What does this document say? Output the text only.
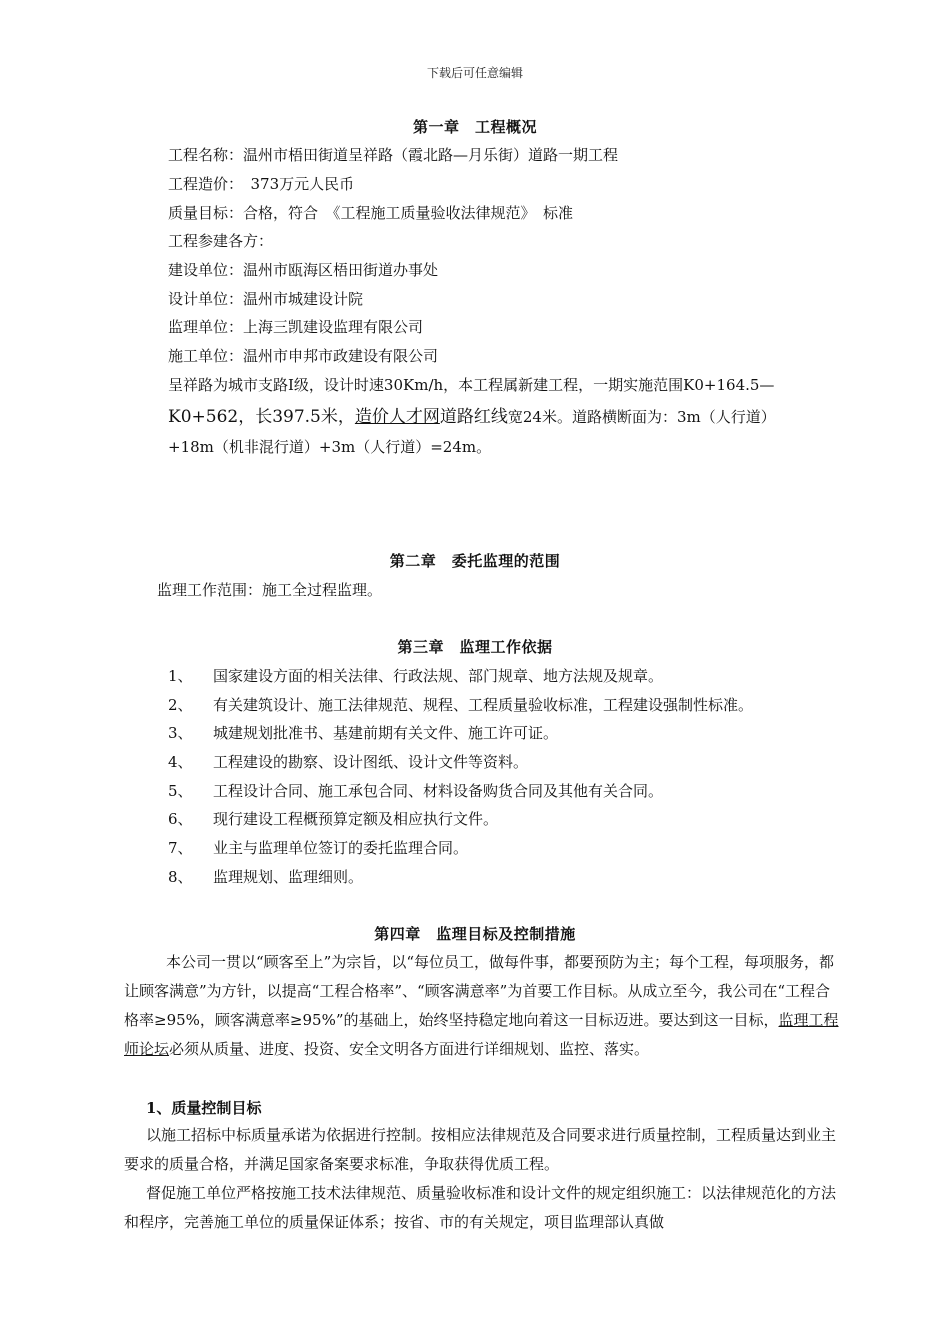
下载后可任意编辑
第一章　工程概况
工程名称：温州市梧田街道呈祥路（霞北路—月乐街）道路一期工程
工程造价：　373万元人民币
质量目标：合格，符合　《工程施工质量验收法律规范》　标准
工程参建各方：
建设单位：温州市瓯海区梧田街道办事处
设计单位：温州市城建设计院
监理单位：上海三凯建设监理有限公司
施工单位：温州市申邦市政建设有限公司
呈祥路为城市支路Ⅰ级，设计时速30Km/h，本工程属新建工程，一期实施范围K0+164.5—
K0+562，长397.5米，造价人才网道路红线宽24米。道路横断面为：3m（人行道）
+18m（机非混行道）+3m（人行道）=24m。
第二章　委托监理的范围
监理工作范围：施工全过程监理。
第三章　监理工作依据
1、	国家建设方面的相关法律、行政法规、部门规章、地方法规及规章。
2、	有关建筑设计、施工法律规范、规程、工程质量验收标准，工程建设强制性标准。
3、	城建规划批准书、基建前期有关文件、施工许可证。
4、	工程建设的勘察、设计图纸、设计文件等资料。
5、	工程设计合同、施工承包合同、材料设备购货合同及其他有关合同。
6、	现行建设工程概预算定额及相应执行文件。
7、	业主与监理单位签订的委托监理合同。
8、	监理规划、监理细则。
第四章　监理目标及控制措施
本公司一贯以“顾客至上”为宗旨，以“每位员工，做每件事，都要预防为主；每个工程，每项服务，都让顾客满意”为方针，以提高“工程合格率”、“顾客满意率”为首要工作目标。从成立至今，我公司在“工程合格率≥95%，顾客满意率≥95%”的基础上，始终坚持稳定地向着这一目标迈进。要达到这一目标，监理工程师论坛必须从质量、进度、投资、安全文明各方面进行详细规划、监控、落实。
1、质量控制目标
以施工招标中标质量承诺为依据进行控制。按相应法律规范及合同要求进行质量控制，工程质量达到业主要求的质量合格，并满足国家备案要求标准，争取获得优质工程。
督促施工单位严格按施工技术法律规范、质量验收标准和设计文件的规定组织施工：以法律规范化的方法和程序，完善施工单位的质量保证体系；按省、市的有关规定，项目监理部认真做
